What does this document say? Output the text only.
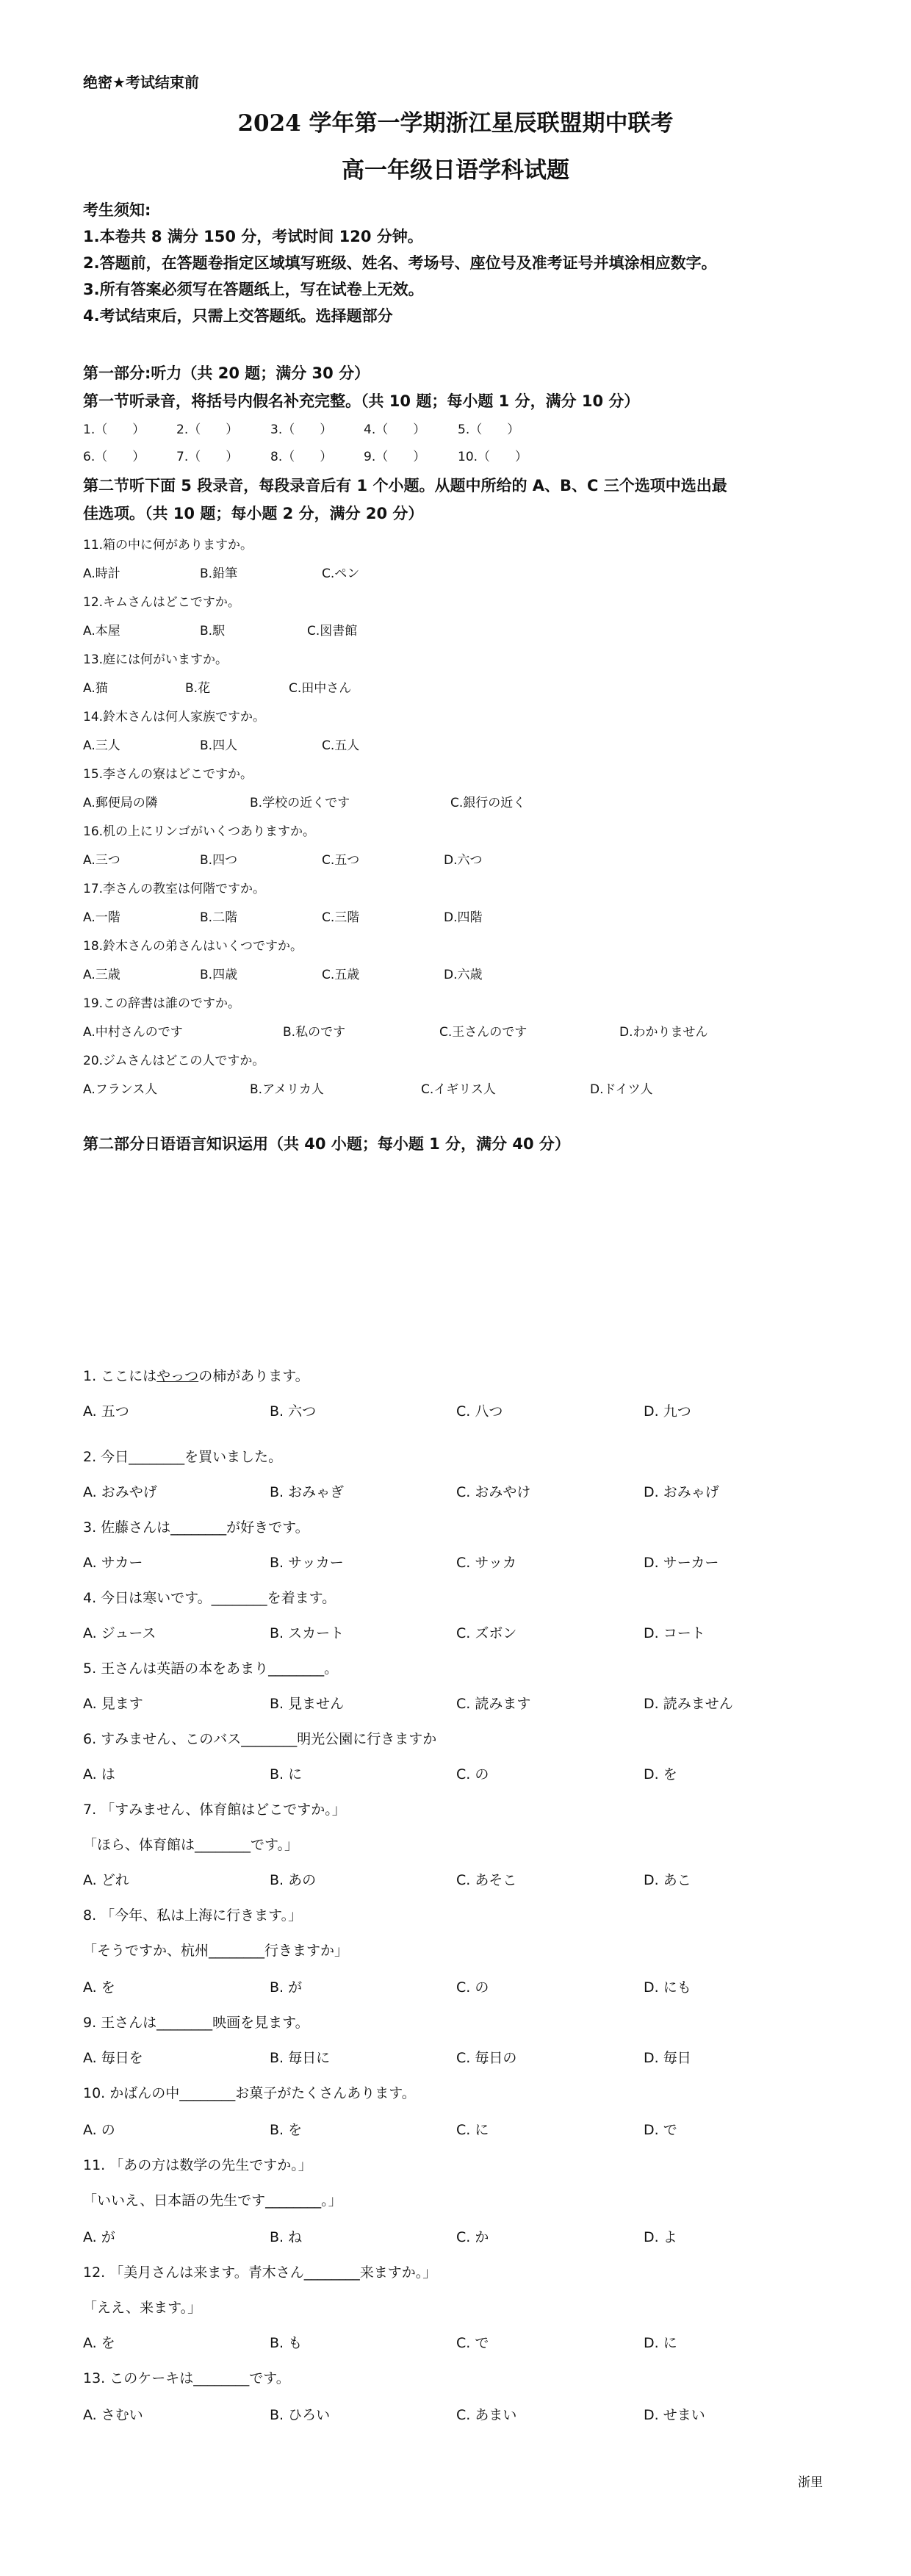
绝密★考试结束前
2024 学年第一学期浙江星辰联盟期中联考
高一年级日语学科试题
考生须知:
1.本卷共 8 满分 150 分，考试时间 120 分钟。
2.答题前，在答题卷指定区域填写班级、姓名、考场号、座位号及准考证号并填涂相应数字。
3.所有答案必须写在答题纸上，写在试卷上无效。
4.考试结束后，只需上交答题纸。选择题部分
第一部分:听力（共 20 题；满分 30 分）
第一节听录音，将括号内假名补充完整。（共 10 题；每小题 1 分，满分 10 分）
1.（　　）	2.（　　）	3.（　　）	4.（　　）	5.（　　）
6.（　　）	7.（　　）	8.（　　）	9.（　　）	10.（　　）
第二节听下面 5 段录音，每段录音后有 1 个小题。从题中所给的 A、B、C 三个选项中选出最
佳选项。（共 10 题；每小题 2 分，满分 20 分）
11.箱の中に何がありますか。
A.時計	B.鉛筆	C.ペン
12.キムさんはどこですか。
A.本屋	B.駅	C.図書館
13.庭には何がいますか。
A.猫	B.花	C.田中さん
14.鈴木さんは何人家族ですか。
A.三人	B.四人	C.五人
15.李さんの寮はどこですか。
A.郵便局の隣	B.学校の近くです	C.銀行の近く
16.机の上にリンゴがいくつありますか。
A.三つ	B.四つ	C.五つ	D.六つ
17.李さんの教室は何階ですか。
A.一階	B.二階	C.三階	D.四階
18.鈴木さんの弟さんはいくつですか。
A.三歳	B.四歳	C.五歳	D.六歳
19.この辞書は誰のですか。
A.中村さんのです	B.私のです	C.王さんのです	D.わかりません
20.ジムさんはどこの人ですか。
A.フランス人	B.アメリカ人	C.イギリス人	D.ドイツ人
第二部分日语语言知识运用（共 40 小题；每小题 1 分，满分 40 分）
1. ここにはやっつの柿があります。
A. 五つ	B. 六つ	C. 八つ	D. 九つ
2. 今日________を買いました。
A. おみやげ	B. おみゃぎ	C. おみやけ	D. おみゃげ
3. 佐藤さんは________が好きです。
A. サカー	B. サッカー	C. サッカ	D. サーカー
4. 今日は寒いです。________を着ます。
A. ジュース	B. スカート	C. ズボン	D. コート
5. 王さんは英語の本をあまり________。
A. 見ます	B. 見ません	C. 読みます	D. 読みません
6. すみません、このバス________明光公園に行きますか
A. は	B. に	C. の	D. を
7. 「すみません、体育館はどこですか。」
「ほら、体育館は________です。」
A. どれ	B. あの	C. あそこ	D. あこ
8. 「今年、私は上海に行きます。」
「そうですか、杭州________行きますか」
A. を	B. が	C. の	D. にも
9. 王さんは________映画を見ます。
A. 毎日を	B. 毎日に	C. 毎日の	D. 毎日
10. かばんの中________お菓子がたくさんあります。
A. の	B. を	C. に	D. で
11. 「あの方は数学の先生ですか。」
「いいえ、日本語の先生です________。」
A. が	B. ね	C. か	D. よ
12. 「美月さんは来ます。青木さん________来ますか。」
「ええ、来ます。」
A. を	B. も	C. で	D. に
13. このケーキは________です。
A. さむい	B. ひろい	C. あまい	D. せまい
浙里
